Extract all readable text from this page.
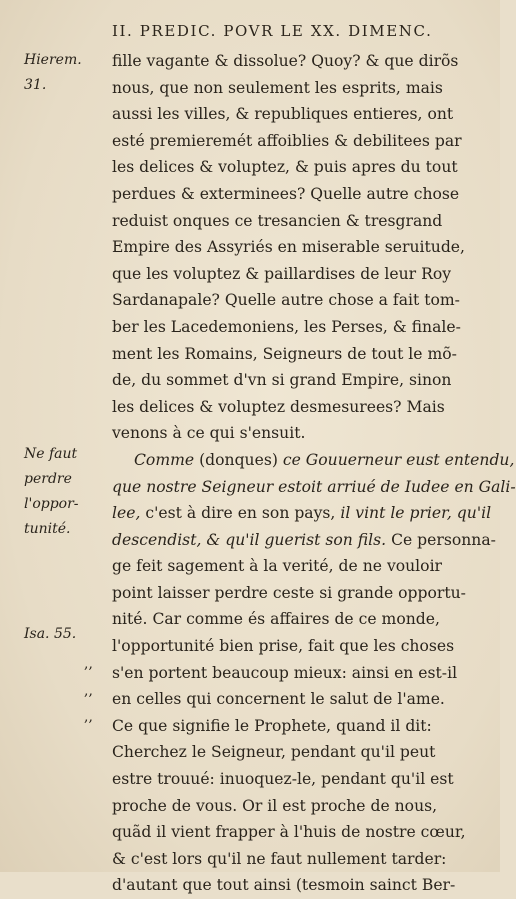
II. PREDIC. POVR LE XX. DIMENC.
Hierem. 31.
Ne faut perdre l'oppor-tunité.
Isa. 55.
,,
,,
,,
fille vagante & dissolue? Quoy? & que dirõs
nous, que non seulement les esprits, mais
aussi les villes, & republiques entieres, ont
esté premieremét affoiblies & debilitees par
les delices & voluptez, & puis apres du tout
perdues & exterminees? Quelle autre chose
reduist onques ce tresancien & tresgrand
Empire des Assyriés en miserable seruitude,
que les voluptez & paillardises de leur Roy
Sardanapale? Quelle autre chose a fait tom-
ber les Lacedemoniens, les Perses, & finale-
ment les Romains, Seigneurs de tout le mõ-
de, du sommet d'vn si grand Empire, sinon
les delices & voluptez desmesurees? Mais
venons à ce qui s'ensuit.
Comme (donques) ce Gouuerneur eust entendu,
que nostre Seigneur estoit arriué de Iudee en Gali-
lee, c'est à dire en son pays, il vint le prier, qu'il
descendist, & qu'il guerist son fils. Ce personna-
ge feit sagement à la verité, de ne vouloir
point laisser perdre ceste si grande opportu-
nité. Car comme és affaires de ce monde,
l'opportunité bien prise, fait que les choses
s'en portent beaucoup mieux: ainsi en est-il
en celles qui concernent le salut de l'ame.
Ce que signifie le Prophete, quand il dit:
Cherchez le Seigneur, pendant qu'il peut
estre trouué: inuoquez-le, pendant qu'il est
proche de vous. Or il est proche de nous,
quãd il vient frapper à l'huis de nostre cœur,
& c'est lors qu'il ne faut nullement tarder:
d'autant que tout ainsi (tesmoin sainct Ber-
